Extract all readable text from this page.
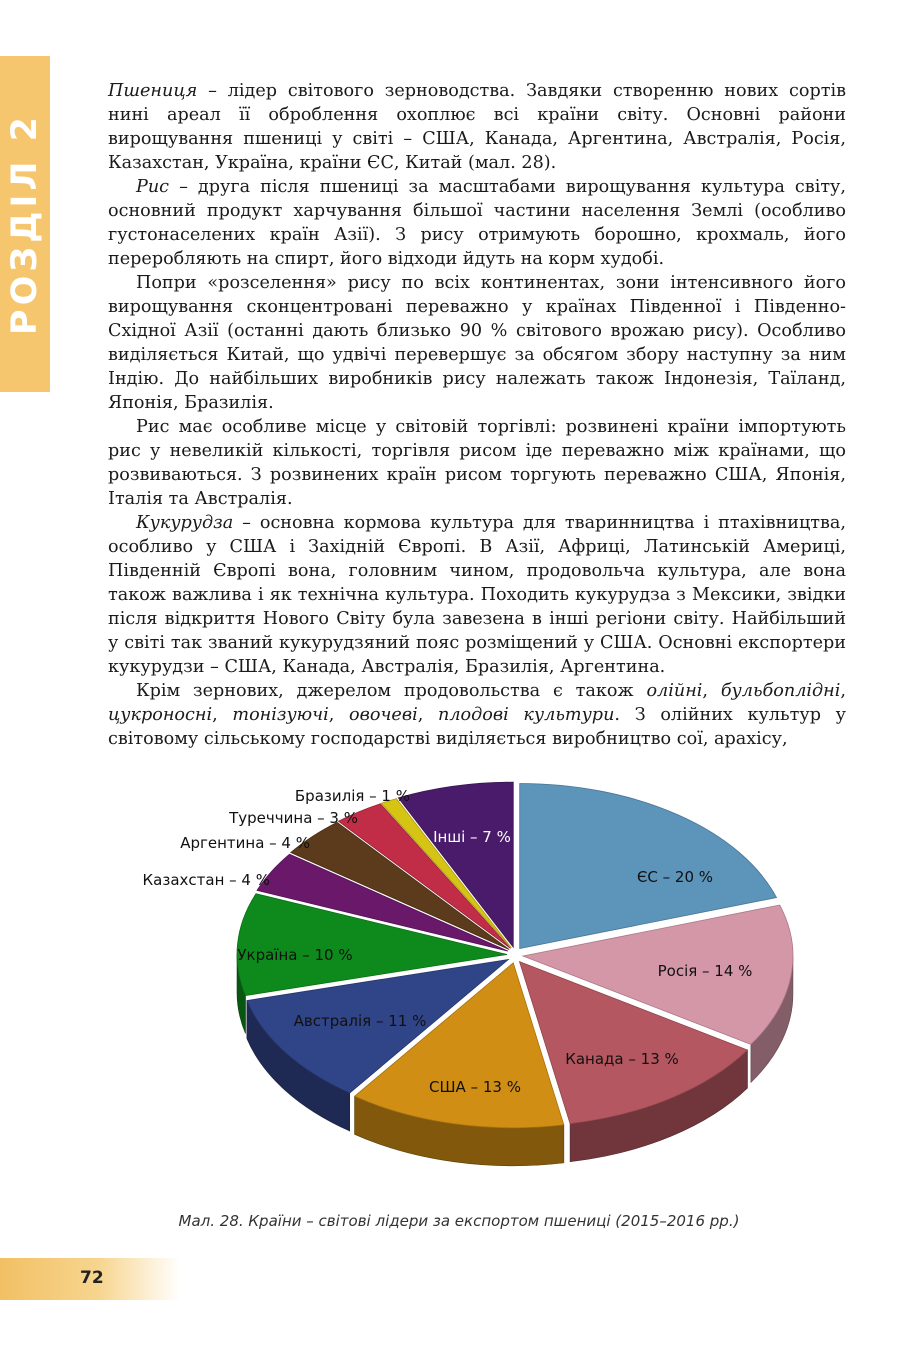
РОЗДІЛ 2

Пшениця – лідер світового зерноводства. Завдяки створенню нових сортів нині ареал її оброблення охоплює всі країни світу. Основні райони вирощування пшениці у світі – США, Канада, Аргентина, Австралія, Росія, Казахстан, Україна, країни ЄС, Китай (мал. 28).

Рис – друга після пшениці за масштабами вирощування культура світу, основний продукт харчування більшої частини населення Землі (особливо густонаселених країн Азії). З рису отримують борошно, крохмаль, його переробляють на спирт, його відходи йдуть на корм худобі.

Попри «розселення» рису по всіх континентах, зони інтенсивного його вирощування сконцентровані переважно у країнах Південної і Південно-Східної Азії (останні дають близько 90 % світового врожаю рису). Особливо виділяється Китай, що удвічі перевершує за обсягом збору наступну за ним Індію. До найбільших виробників рису належать також Індонезія, Таїланд, Японія, Бразилія.

Рис має особливе місце у світовій торгівлі: розвинені країни імпортують рис у невеликій кількості, торгівля рисом іде переважно між країнами, що розвиваються. З розвинених країн рисом торгують переважно США, Японія, Італія та Австралія.

Кукурудза – основна кормова культура для тваринництва і птахівництва, особливо у США і Західній Європі. В Азії, Африці, Латинській Америці, Південній Європі вона, головним чином, продовольча культура, але вона також важлива і як технічна культура. Походить кукурудза з Мексики, звідки після відкриття Нового Світу була завезена в інші регіони світу. Найбільший у світі так званий кукурудзяний пояс розміщений у США. Основні експортери кукурудзи – США, Канада, Австралія, Бразилія, Аргентина.

Крім зернових, джерелом продовольства є також олійні, бульбоплідні, цукроносні, тонізуючі, овочеві, плодові культури. З олійних культур у світовому сільському господарстві виділяється виробництво сої, арахісу,

ЄС – 20 %
Росія – 14 %
Канада – 13 %
США – 13 %
Австралія – 11 %
Україна – 10 %
Казахстан – 4 %
Аргентина – 4 %
Туреччина – 3 %
Бразилія – 1 %
Інші – 7 %
Мал. 28. Країни – світові лідери за експортом пшениці (2015–2016 рр.)
72
